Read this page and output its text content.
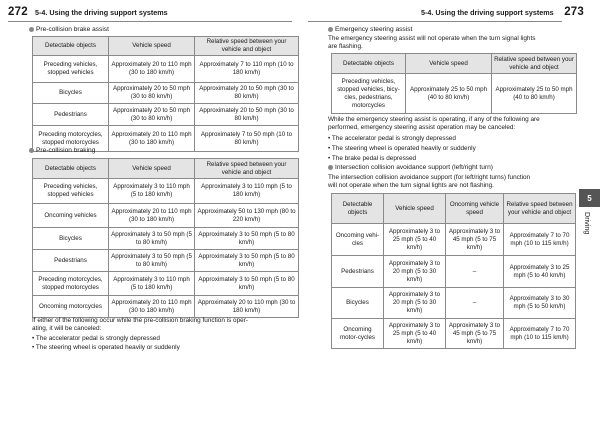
272 5-4. Using the driving support systems
Pre-collision brake assist
Detectable objects	Vehicle speed	Relative speed between your vehicle and object
Preceding vehicles, stopped vehicles	Approximately 20 to 110 mph (30 to 180 km/h)	Approximately 7 to 110 mph (10 to 180 km/h)
Bicycles	Approximately 20 to 50 mph (30 to 80 km/h)	Approximately 20 to 50 mph (30 to 80 km/h)
Pedestrians	Approximately 20 to 50 mph (30 to 80 km/h)	Approximately 20 to 50 mph (30 to 80 km/h)
Preceding motorcycles, stopped motorcycles	Approximately 20 to 110 mph (30 to 180 km/h)	Approximately 7 to 50 mph (10 to 80 km/h)
Pre-collision braking
Detectable objects	Vehicle speed	Relative speed between your vehicle and object
Preceding vehicles, stopped vehicles	Approximately 3 to 110 mph (5 to 180 km/h)	Approximately 3 to 110 mph (5 to 180 km/h)
Oncoming vehicles	Approximately 20 to 110 mph (30 to 180 km/h)	Approximately 50 to 130 mph (80 to 220 km/h)
Bicycles	Approximately 3 to 50 mph (5 to 80 km/h)	Approximately 3 to 50 mph (5 to 80 km/h)
Pedestrians	Approximately 3 to 50 mph (5 to 80 km/h)	Approximately 3 to 50 mph (5 to 80 km/h)
Preceding motorcycles, stopped motorcycles	Approximately 3 to 110 mph (5 to 180 km/h)	Approximately 3 to 50 mph (5 to 80 km/h)
Oncoming motorcycles	Approximately 20 to 110 mph (30 to 180 km/h)	Approximately 20 to 110 mph (30 to 180 km/h)
If either of the following occur while the pre-collision braking function is oper-
ating, it will be canceled:
• The accelerator pedal is strongly depressed
• The steering wheel is operated heavily or suddenly
5-4. Using the driving support systems 273
Emergency steering assist
The emergency steering assist will not operate when the turn signal lights
are flashing.
Detectable objects	Vehicle speed	Relative speed between your vehicle and object
Preceding vehicles, stopped vehicles, bicy-cles, pedestrians, motorcycles	Approximately 25 to 50 mph (40 to 80 km/h)	Approximately 25 to 50 mph (40 to 80 km/h)
While the emergency steering assist is operating, if any of the following are
performed, emergency steering assist operation may be canceled:
• The accelerator pedal is strongly depressed
• The steering wheel is operated heavily or suddenly
• The brake pedal is depressed
Intersection collision avoidance support (left/right turn)
The intersection collision avoidance support (for left/right turns) function
will not operate when the turn signal lights are not flashing.
Detectable objects	Vehicle speed	Oncoming vehicle speed	Relative speed between your vehicle and object
Oncoming vehi-cles	Approximately 3 to 25 mph (5 to 40 km/h)	Approximately 3 to 45 mph (5 to 75 km/h)	Approximately 7 to 70 mph (10 to 115 km/h)
Pedestrians	Approximately 3 to 20 mph (5 to 30 km/h)	–	Approximately 3 to 25 mph (5 to 40 km/h)
Bicycles	Approximately 3 to 20 mph (5 to 30 km/h)	–	Approximately 3 to 30 mph (5 to 50 km/h)
Oncoming motor-cycles	Approximately 3 to 25 mph (5 to 40 km/h)	Approximately 3 to 45 mph (5 to 75 km/h)	Approximately 7 to 70 mph (10 to 115 km/h)
5
Driving
